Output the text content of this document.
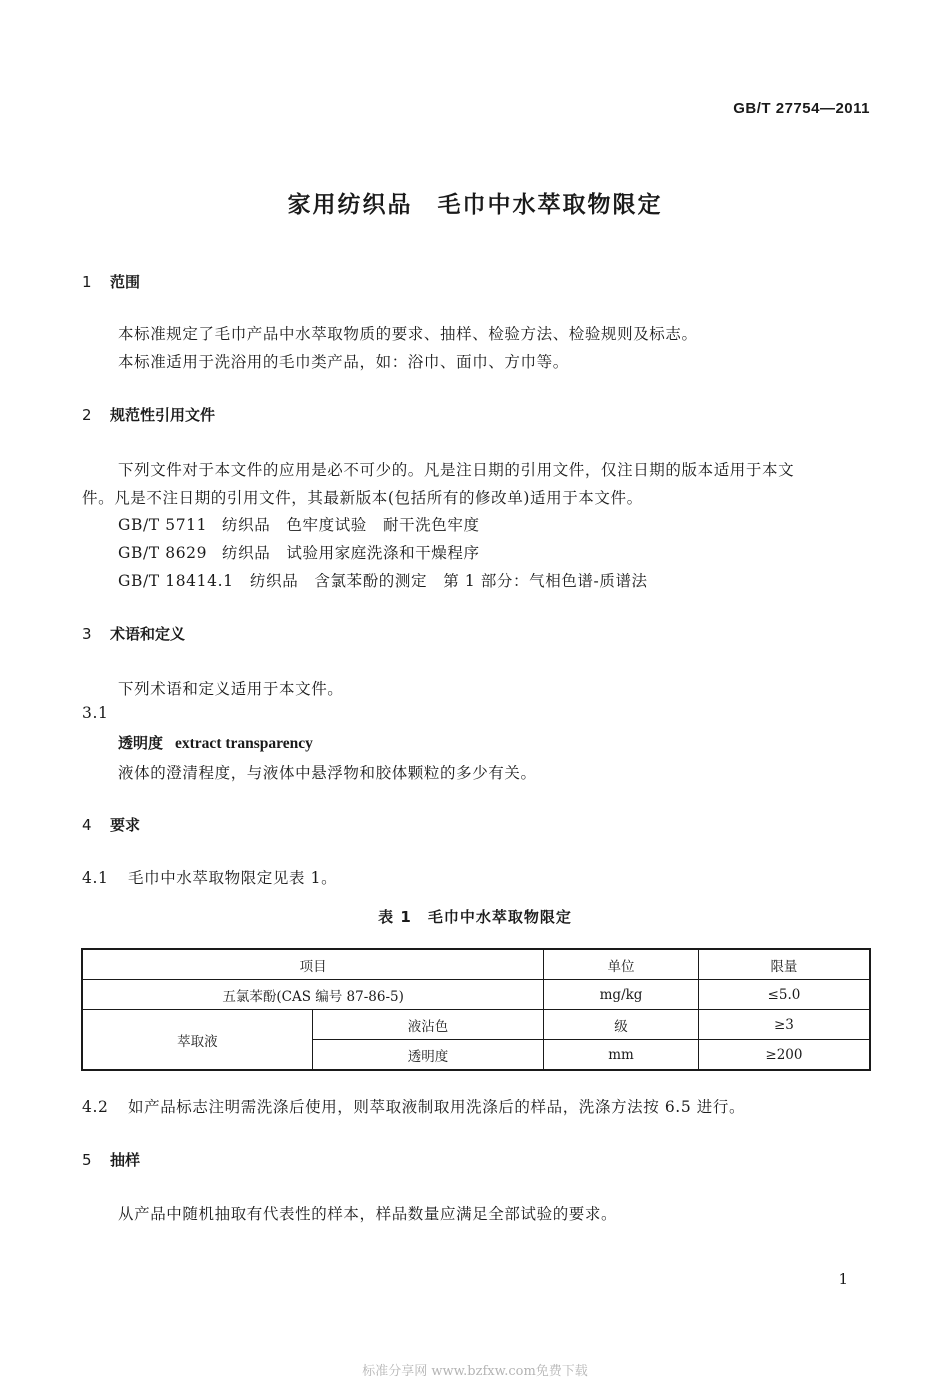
GB/T 27754—2011
家用纺织品　毛巾中水萃取物限定
1 范围
本标准规定了毛巾产品中水萃取物质的要求、抽样、检验方法、检验规则及标志。
本标准适用于洗浴用的毛巾类产品，如：浴巾、面巾、方巾等。
2 规范性引用文件
下列文件对于本文件的应用是必不可少的。凡是注日期的引用文件，仅注日期的版本适用于本文
件。凡是不注日期的引用文件，其最新版本(包括所有的修改单)适用于本文件。
GB/T 5711 纺织品　色牢度试验　耐干洗色牢度
GB/T 8629 纺织品　试验用家庭洗涤和干燥程序
GB/T 18414.1 纺织品　含氯苯酚的测定　第 1 部分：气相色谱-质谱法
3 术语和定义
下列术语和定义适用于本文件。
3.1
透明度 extract transparency
液体的澄清程度，与液体中悬浮物和胶体颗粒的多少有关。
4 要求
4.1 毛巾中水萃取物限定见表 1。
表 1　毛巾中水萃取物限定
项目		单位	限量
五氯苯酚(CAS 编号 87-86-5)		mg/kg	≤5.0
萃取液	液沾色	级	≥3
	透明度	mm	≥200
4.2 如产品标志注明需洗涤后使用，则萃取液制取用洗涤后的样品，洗涤方法按 6.5 进行。
5 抽样
从产品中随机抽取有代表性的样本，样品数量应满足全部试验的要求。
1
标准分享网 www.bzfxw.com免费下载
